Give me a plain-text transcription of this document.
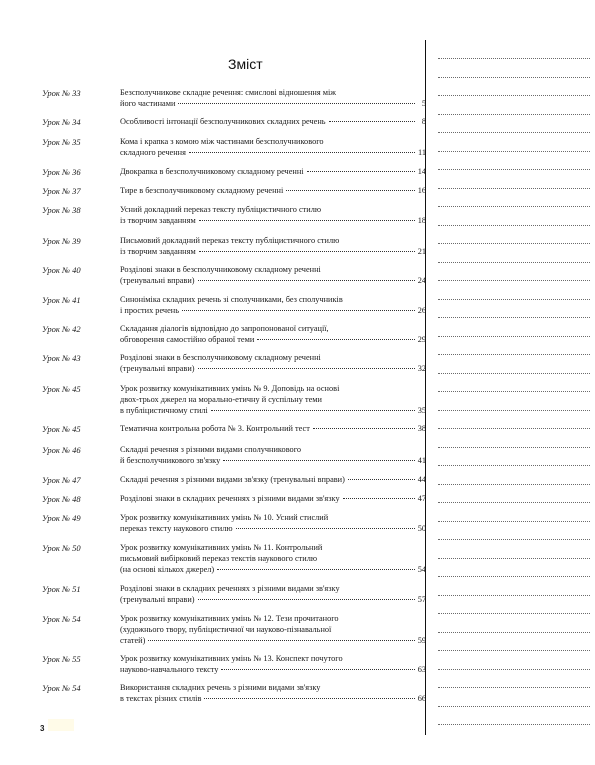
Зміст
Урок № 33	Безсполучникове складне речення: смислові відношення між
його частинами	5
Урок № 34	Особливості інтонації безсполучникових складних речень	8
Урок № 35	Кома і крапка з комою між частинами безсполучникового
складного речення	11
Урок № 36	Двокрапка в безсполучниковому складному реченні	14
Урок № 37	Тире в безсполучниковому складному реченні	16
Урок № 38	Усний докладний переказ тексту публіцистичного стилю
із творчим завданням	18
Урок № 39	Письмовий докладний переказ тексту публіцистичного стилю
із творчим завданням	21
Урок № 40	Розділові знаки в безсполучниковому складному реченні
(тренувальні вправи)	24
Урок № 41	Синоніміка складних речень зі сполучниками, без сполучників
і простих речень	26
Урок № 42	Складання діалогів відповідно до запропонованої ситуації,
обговорення самостійно обраної теми	29
Урок № 43	Розділові знаки в безсполучниковому складному реченні
(тренувальні вправи)	32
Урок № 45	Урок розвитку комунікативних умінь № 9. Доповідь на основі
двох-трьох джерел на морально-етичну й суспільну теми
в публіцистичному стилі	35
Урок № 45	Тематична контрольна робота № 3. Контрольний тест	38
Урок № 46	Складні речення з різними видами сполучникового
й безсполучникового зв'язку	41
Урок № 47	Складні речення з різними видами зв'язку (тренувальні вправи)	44
Урок № 48	Розділові знаки в складних реченнях з різними видами зв'язку	47
Урок № 49	Урок розвитку комунікативних умінь № 10. Усний стислий
переказ тексту наукового стилю	50
Урок № 50	Урок розвитку комунікативних умінь № 11. Контрольний
письмовий вибірковий переказ текстів наукового стилю
(на основі кількох джерел)	54
Урок № 51	Розділові знаки в складних реченнях з різними видами зв'язку
(тренувальні вправи)	57
Урок № 54	Урок розвитку комунікативних умінь № 12. Тези прочитаного
(художнього твору, публіцистичної чи науково-пізнавальної
статей)	59
Урок № 55	Урок розвитку комунікативних умінь № 13. Конспект почутого
науково-навчального тексту	63
Урок № 54	Використання складних речень з різними видами зв'язку
в текстах різних стилів	66
3
